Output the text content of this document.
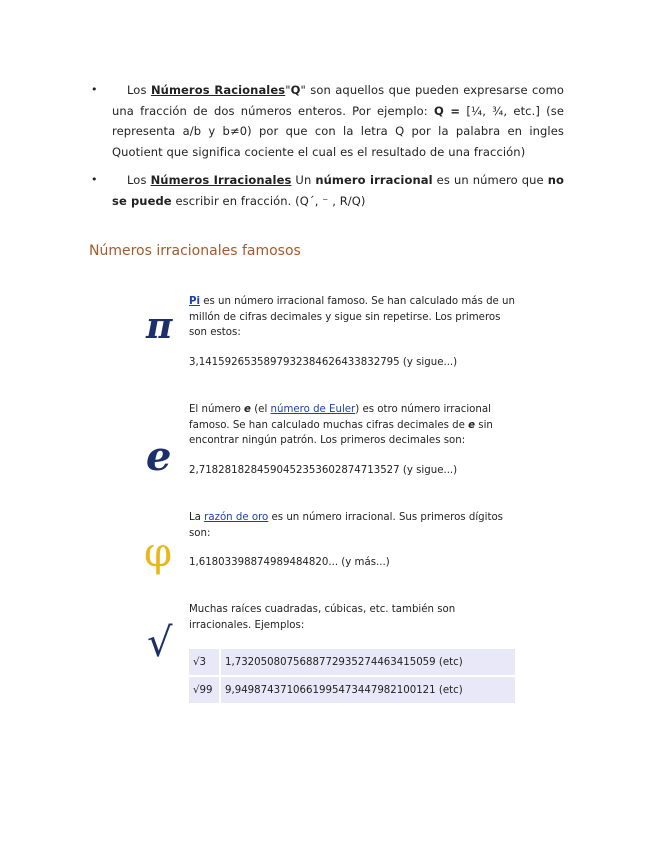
•	Los Números Racionales"Q" son aquellos que pueden expresarse como una fracción de dos números enteros. Por ejemplo: Q = [¼, ¾, etc.] (se representa a/b y b≠0) por que con la letra Q por la palabra en ingles Quotient que significa cociente el cual es el resultado de una fracción)
•	Los Números Irracionales Un número irracional es un número que no se puede escribir en fracción. (Q´, ⁻ , R/Q)
Números irracionales famosos
π

Pi es un número irracional famoso. Se han calculado más de un millón de cifras decimales y sigue sin repetirse. Los primeros son estos:

3,1415926535897932384626433832795 (y sigue...)

e

El número e (el número de Euler) es otro número irracional famoso. Se han calculado muchas cifras decimales de e sin encontrar ningún patrón. Los primeros decimales son:

2,7182818284590452353602874713527 (y sigue...)

φ

La razón de oro es un número irracional. Sus primeros dígitos son:

1,61803398874989484820... (y más...)

√

Muchas raíces cuadradas, cúbicas, etc. también son irracionales. Ejemplos:

√3	1,7320508075688772935274463415059 (etc)
√99	9,9498743710661995473447982100121 (etc)
